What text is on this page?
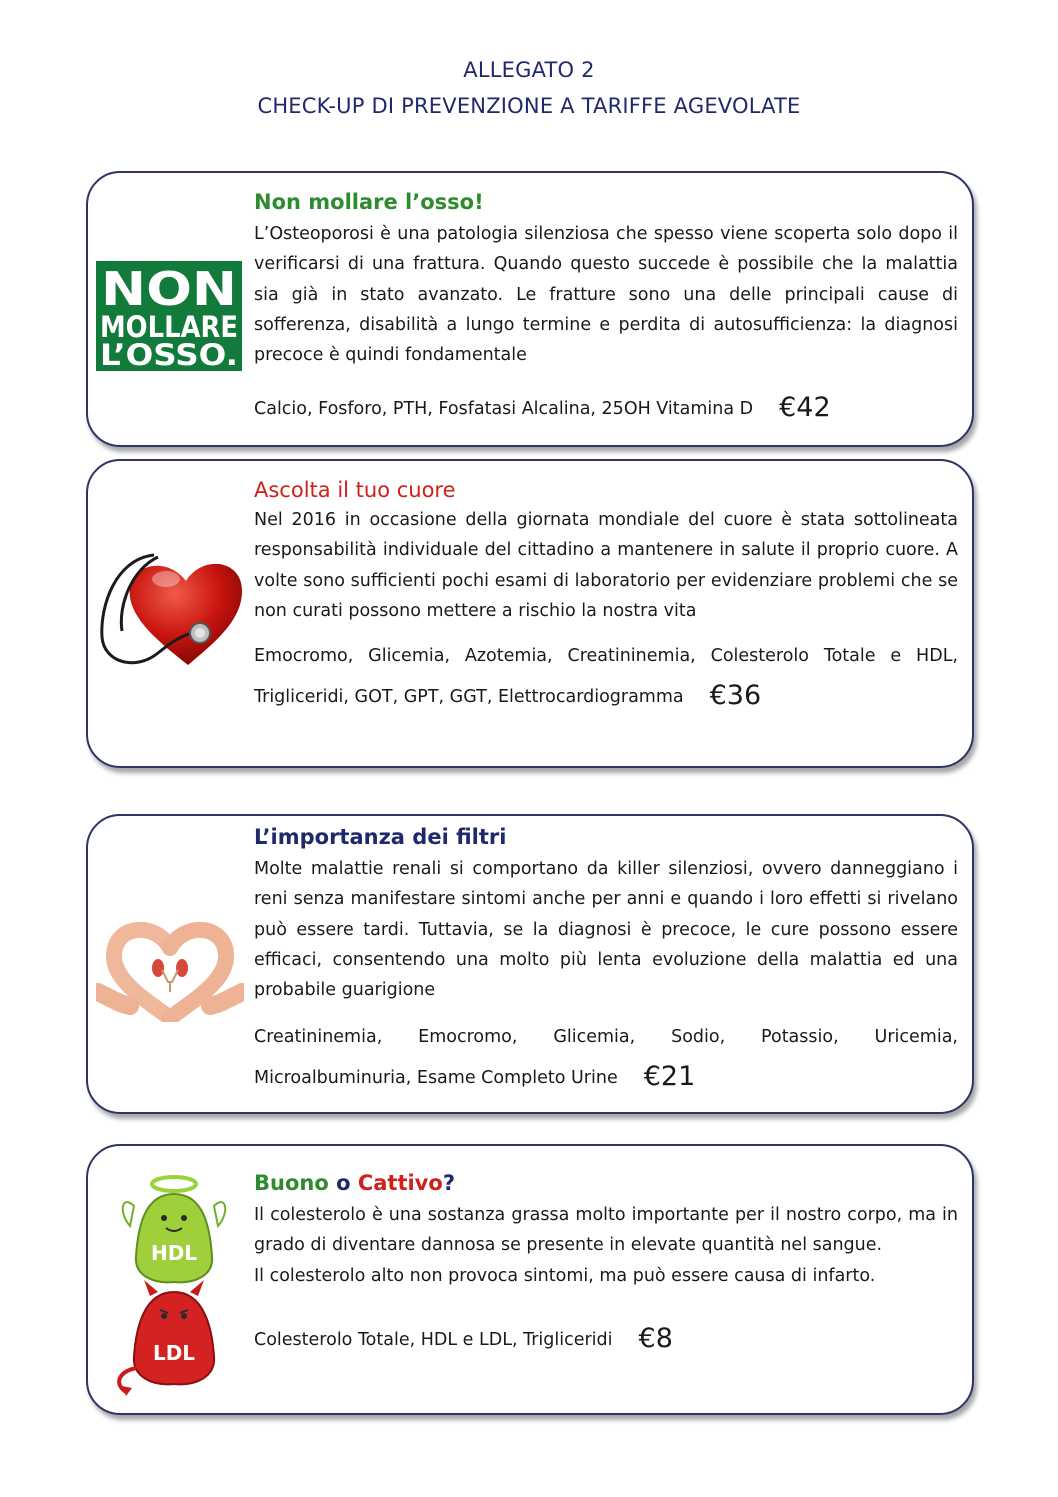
ALLEGATO 2
CHECK-UP DI PREVENZIONE A TARIFFE AGEVOLATE
NON
MOLLARE
L’OSSO.

Non mollare l’osso!

L’Osteoporosi è una patologia silenziosa che spesso viene scoperta solo dopo il verificarsi di una frattura. Quando questo succede è possibile che la malattia sia già in stato avanzato. Le fratture sono una delle principali cause di sofferenza, disabilità a lungo termine e perdita di autosufficienza: la diagnosi precoce è quindi fondamentale

Calcio, Fosforo, PTH, Fosfatasi Alcalina, 25OH Vitamina D €42

Ascolta il tuo cuore

Nel 2016 in occasione della giornata mondiale del cuore è stata sottolineata responsabilità individuale del cittadino a mantenere in salute il proprio cuore. A volte sono sufficienti pochi esami di laboratorio per evidenziare problemi che se non curati possono mettere a rischio la nostra vita

Emocromo, Glicemia, Azotemia, Creatininemia, Colesterolo Totale e HDL, Trigliceridi, GOT, GPT, GGT, Elettrocardiogramma €36

L’importanza dei filtri

Molte malattie renali si comportano da killer silenziosi, ovvero danneggiano i reni senza manifestare sintomi anche per anni e quando i loro effetti si rivelano può essere tardi. Tuttavia, se la diagnosi è precoce, le cure possono essere efficaci, consentendo una molto più lenta evoluzione della malattia ed una probabile guarigione

Creatininemia, Emocromo, Glicemia, Sodio, Potassio, Uricemia, Microalbuminuria, Esame Completo Urine €21

HDL
LDL

Buono o Cattivo?

Il colesterolo è una sostanza grassa molto importante per il nostro corpo, ma in grado di diventare dannosa se presente in elevate quantità nel sangue.

Il colesterolo alto non provoca sintomi, ma può essere causa di infarto.

Colesterolo Totale, HDL e LDL, Trigliceridi €8
